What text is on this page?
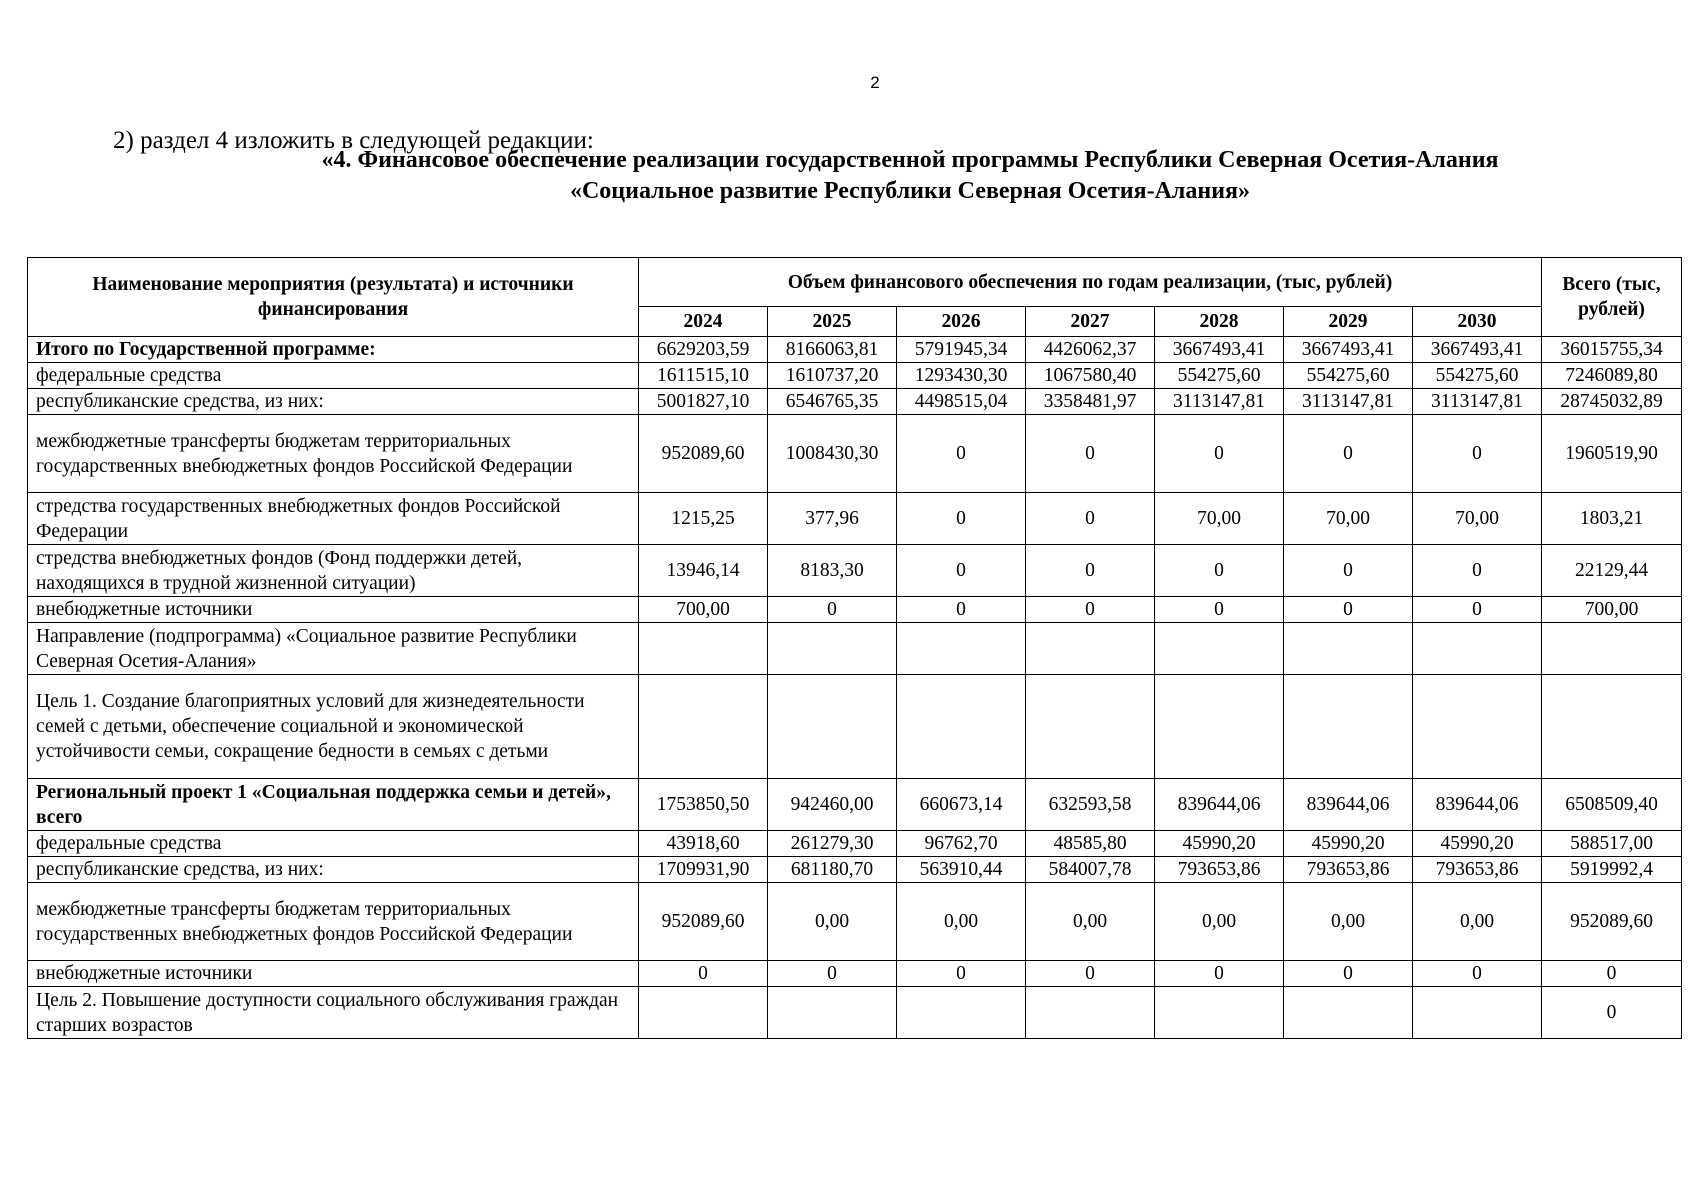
2
2) раздел 4 изложить в следующей редакции:
«4. Финансовое обеспечение реализации государственной программы Республики Северная Осетия-Алания
«Социальное развитие Республики Северная Осетия-Алания»
Наименование мероприятия (результата) и источники финансирования	Объем финансового обеспечения по годам реализации, (тыс, рублей)							Всего (тыс, рублей)
	2024	2025	2026	2027	2028	2029	2030	
Итого по Государственной программе:	6629203,59	8166063,81	5791945,34	4426062,37	3667493,41	3667493,41	3667493,41	36015755,34
федеральные средства	1611515,10	1610737,20	1293430,30	1067580,40	554275,60	554275,60	554275,60	7246089,80
республиканские средства, из них:	5001827,10	6546765,35	4498515,04	3358481,97	3113147,81	3113147,81	3113147,81	28745032,89
межбюджетные трансферты бюджетам территориальных государственных внебюджетных фондов Российской Федерации	952089,60	1008430,30	0	0	0	0	0	1960519,90
стредства государственных внебюджетных фондов Российской Федерации	1215,25	377,96	0	0	70,00	70,00	70,00	1803,21
стредства внебюджетных фондов (Фонд поддержки детей, находящихся в трудной жизненной ситуации)	13946,14	8183,30	0	0	0	0	0	22129,44
внебюджетные источники	700,00	0	0	0	0	0	0	700,00
Направление (подпрограмма) «Социальное развитие Республики Северная Осетия-Алания»								
Цель 1. Создание благоприятных условий для жизнедеятельности семей с детьми, обеспечение социальной и экономической устойчивости семьи, сокращение бедности в семьях с детьми								
Региональный проект 1 «Социальная поддержка семьи и детей», всего	1753850,50	942460,00	660673,14	632593,58	839644,06	839644,06	839644,06	6508509,40
федеральные средства	43918,60	261279,30	96762,70	48585,80	45990,20	45990,20	45990,20	588517,00
республиканские средства, из них:	1709931,90	681180,70	563910,44	584007,78	793653,86	793653,86	793653,86	5919992,4
межбюджетные трансферты бюджетам территориальных государственных внебюджетных фондов Российской Федерации	952089,60	0,00	0,00	0,00	0,00	0,00	0,00	952089,60
внебюджетные источники	0	0	0	0	0	0	0	0
Цель 2. Повышение доступности социального обслуживания граждан старших возрастов								0
